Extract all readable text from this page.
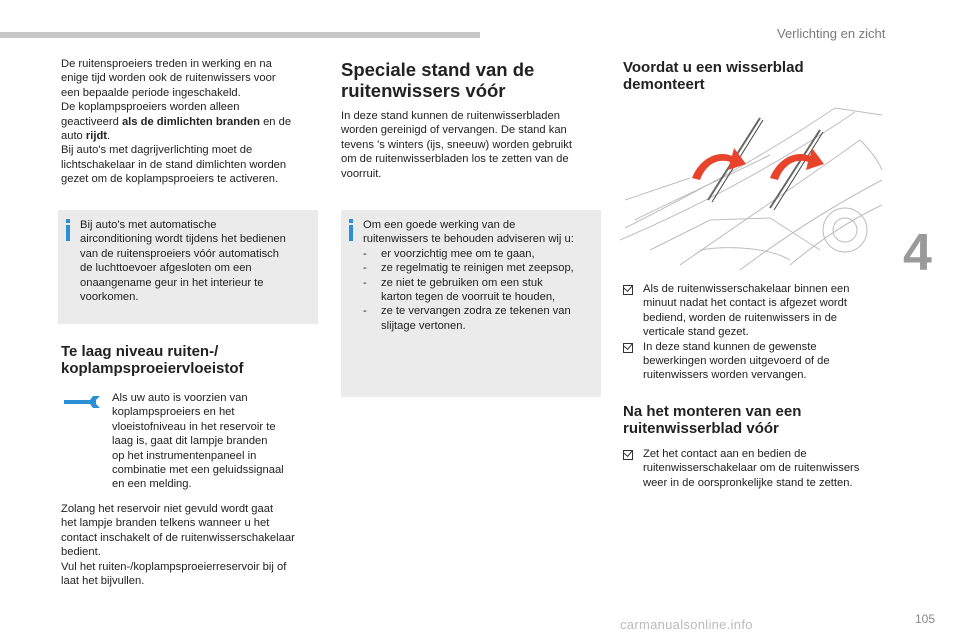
Verlichting en zicht
4
105
carmanualsonline.info
De ruitensproeiers treden in werking en na
enige tijd worden ook de ruitenwissers voor
een bepaalde periode ingeschakeld.
De koplampsproeiers worden alleen
geactiveerd als de dimlichten branden en de
auto rijdt.
Bij auto's met dagrijverlichting moet de
lichtschakelaar in de stand dimlichten worden
gezet om de koplampsproeiers te activeren.
Bij auto's met automatische
airconditioning wordt tijdens het bedienen
van de ruitensproeiers vóór automatisch
de luchttoevoer afgesloten om een
onaangename geur in het interieur te
voorkomen.
Te laag niveau ruiten-/
koplampsproeiervloeistof
Als uw auto is voorzien van
koplampsproeiers en het
vloeistofniveau in het reservoir te
laag is, gaat dit lampje branden
op het instrumentenpaneel in
combinatie met een geluidssignaal
en een melding.
Zolang het reservoir niet gevuld wordt gaat
het lampje branden telkens wanneer u het
contact inschakelt of de ruitenwisserschakelaar
bedient.
Vul het ruiten-/koplampsproeierreservoir bij of
laat het bijvullen.
Speciale stand van de
ruitenwissers vóór
In deze stand kunnen de ruitenwisserbladen
worden gereinigd of vervangen. De stand kan
tevens 's winters (ijs, sneeuw) worden gebruikt
om de ruitenwisserbladen los te zetten van de
voorruit.
Om een goede werking van de
ruitenwissers te behouden adviseren wij u:
- er voorzichtig mee om te gaan,
- ze regelmatig te reinigen met zeepsop,
- ze niet te gebruiken om een stuk
karton tegen de voorruit te houden,
- ze te vervangen zodra ze tekenen van
slijtage vertonen.
Voordat u een wisserblad
demonteert
Als de ruitenwisserschakelaar binnen een
minuut nadat het contact is afgezet wordt
bediend, worden de ruitenwissers in de
verticale stand gezet.
In deze stand kunnen de gewenste
bewerkingen worden uitgevoerd of de
ruitenwissers worden vervangen.
Na het monteren van een
ruitenwisserblad vóór
Zet het contact aan en bedien de
ruitenwisserschakelaar om de ruitenwissers
weer in de oorspronkelijke stand te zetten.
